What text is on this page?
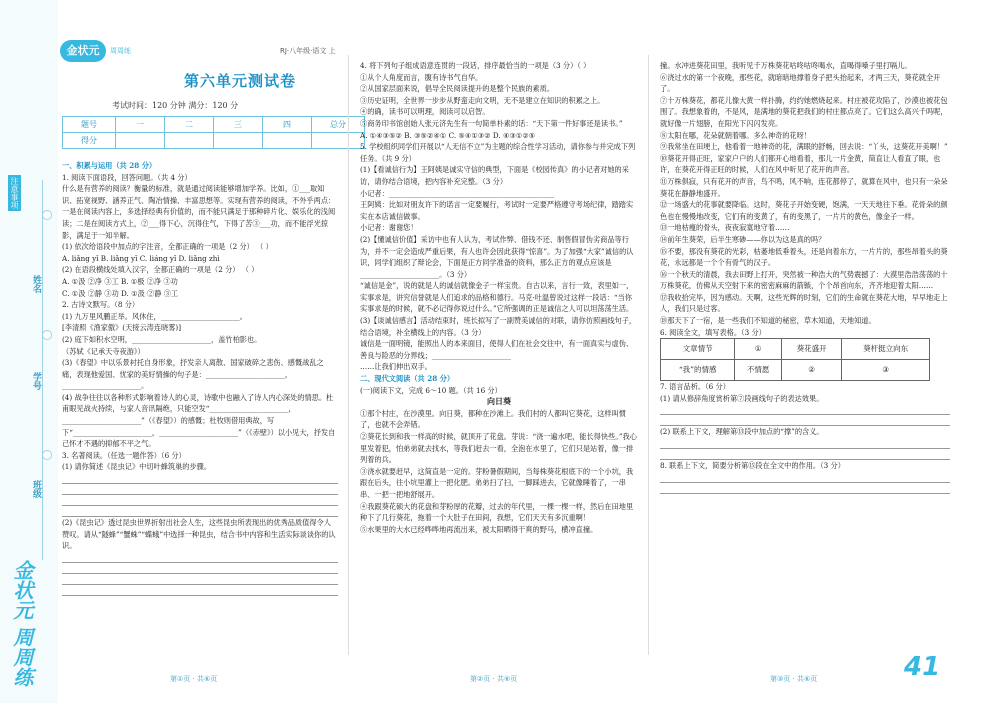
注意事项
姓名
学号
班级
金状元 周周练
金状元	周周练	RJ·八年级·语文 上
第六单元测试卷
考试时间：120 分钟 满分：120 分
题号	一	二	三	四	总分
得分					

一、积累与运用（共 28 分）

1. 阅读下面语段，回答问题。（共 4 分）

什么是有营养的阅读？衡量的标准，就是通过阅读能够增加学养。比如，①___取知识、拓宽视野、涵养正气、陶冶情操、丰富思想等。实现有营养的阅读，不外乎两点：一是在阅读内容上，多选择经典有价值的，而不能只满足于那种碎片化、娱乐化的浅阅读；二是在阅读方式上，②___得下心，沉得住气，下得了苦③___功，而不能浮光掠影，满足于一知半解。

(1) 依次给语段中加点的字注音，全都正确的一项是（2 分） （ ）

A. liǎng yǐ B. liǎng yǐ C. liáng yǐ D. liǎng zhì

(2) 在语段横线处填入汉字，全都正确的一项是（2 分） （ ）

A. ①汲 ②净 ③工 B. ①极 ②净 ③功

C. ①汲 ②静 ③功 D. ①汲 ②静 ③工

2. 古诗文默写。（8 分）

(1) 九万里风鹏正举。风休住，______________________。

[李清照《渔家傲》(天接云涛连晓雾)]

(2) 庭下如积水空明，______________________，盖竹柏影也。

（苏轼《记承天寺夜游》）

(3)《春望》中以乐景衬托自身形象，抒发亲人离散、国家破碎之悲伤、感慨战乱之痛，表现他爱国、忧家的美好情操的句子是：______________________，______________________。

(4) 战争往往以各种形式影响着诗人的心灵，诗歌中也融入了诗人内心深处的情思。杜甫眼见战火持续，与家人音讯隔绝，只能空发“______________________，______________________”（《春望》）的感慨；杜牧则借用典故，写下“______________________，______________________”（《赤壁》）以小见大，抒发自己怀才不遇的抑郁不平之气。

3. 名著阅读。（任选一题作答）（6 分）

(1) 请你简述《昆虫记》中切叶蜂筑巢的步骤。

(2)《昆虫记》透过昆虫世界折射出社会人生，这些昆虫所表现出的优秀品质值得令人赞叹。请从“隧蜂”“蟹蛛”“蝶蛾”中选择一种昆虫，结合书中内容和生活实际谈谈你的认识。

4. 将下列句子组成语意连贯的一段话，排序最恰当的一项是（3 分）（ ）

①从个人角度而言，腹有诗书气自华。

②从国家层面来说，倡导全民阅读提升的是整个民族的素质。

③历史证明，全世界一步步从野蛮走向文明，无不是建立在知识的积累之上。

④的确，读书可以明理，阅读可以启智。

⑤商务印书馆创始人张元济先生有一句简单朴素的话：“天下第一件好事还是读书。”

A. ①④③⑤② B. ③⑤②④① C. ⑤④①③② D. ④③①②⑤

5. 学校组织同学们开展以“人无信不立”为主题的综合性学习活动，请你参与并完成下列任务。（共 9 分）

(1)【看诚信行为】王阿姨是诚实守信的典型，下面是《校园传真》的小记者对她的采访，请你结合语境，把内容补充完整。（3 分）

小记者：______________________________________________

王阿姨：比如对朋友许下的诺言一定要履行，考试时一定要严格遵守考场纪律，踏踏实实在本店诚信做事。

小记者：谢谢您！

(2)【懂诚信价值】采访中也有人认为，考试作弊、借钱不还、制售假冒伪劣商品等行为，并不一定会造成严重后果，有人也许会因此获得“惊喜”。为了加强“大家”诚信的认识，同学们组织了辩论会，下面是正方同学准备的资料，那么正方的观点应该是______________________。（3 分）

“诚信是金”，说的就是人的诚信就像金子一样宝贵。自古以来，言行一致，表里如一，实事求是，讲究信誉就是人们追求的品格和德行。马克·吐温曾说过这样一段话：“当你实事求是的时候，就不必记得你说过什么。”它所强调的正是诚信之人可以坦荡荡生活。

(3)【谈诚信感言】活动结束时，班长拟写了一副赞美诚信的对联，请你仿照画线句子，结合语境，补全横线上的内容。（3 分）

诚信是一面明镜，能照出人的本来面目，使得人们在社会交往中，有一面真实与虚伪、善良与险恶的分界线；______________________

……让我们伸出双手。

二、现代文阅读（共 28 分）

(一)阅读下文，完成 6～10 题。（共 16 分）

向日葵

①那个村庄，在沙漠里。向日葵，都种在沙滩上。我们村的人都叫它葵花，这样叫惯了，也就不会弄错。

②葵花长到和我一样高的时候，就顶开了花盘。芽说：“浇一遍水吧，能长得快些。”我心里发着犯，怕弟弟就去找水，等我们赶去一看，全泡在水里了，它们只是站着，像一排列着的兵。

③浇水就要赶早，这简直是一定的。芽粉暑假期间，当每株葵花根底下的一个小坑，我跟在后头，往小坑里灌上一把化肥。弟弟扫了扫，一脚踩进去，它就像睡着了，一串串、一把一把地舒展开。

④我跟葵花硕大的花盘和芽粉厚的花瓣，过去的年代里，一棵一棵一样，然后在田地里种下了几行葵花，拖着一个大肚子在田间，我想，它们天天有多沉重啊！

⑤水果里的大水已经哗哗地再流出来，被太阳晒得干爽的野马，横冲直撞。

撞。水冲进葵花田里，我听见千万株葵花咕咚咕咚喝水，直喝得嗓子里打嗝儿。

⑥浇过水的第一个夜晚，那些花，就暗暗地撑着身子把头抬起来，才两三天，葵花就全开了。

⑦十万株葵花，都花儿像大黄一样扑腾，约约她燃烧起来。村庄被花攻陷了，沙漠也被花包围了。我想象着的，不是风，是满地的葵花把我们的村庄都点亮了。它们这么高兴千吗呢，就好像一片翅膀，在阳光下闪闪发亮。

⑧太阳在哪，花朵就朝着哪。多么神奇的花呀！

⑨我常坐在田埂上，他看着一地神奇的花，满眼的舒畅，回去说：“丫头，这葵花开美啊！”

⑩葵花开得正旺，家家户户的人们都开心地看着，那儿一片金黄，简直让人看直了眼，也许，在葵花开得正旺的时候，人们在风中听见了花开的声音。

⑪万株俱寂，只有花开的声音，鸟不鸣，风不响，连花都停了，就算在风中，也只有一朵朵葵花在静静地盛开。

⑫一场盛大的花事就要降临。这时，葵花子开始变硬，饱满，一天天地往下垂。花骨朵的颜色也在慢慢地改变，它们有的变黄了，有的变黑了，一片片的黄色，像金子一样。

⑬一地枯瘦的骨头，夜夜寂寞地守着……

⑭前年生葵荣，后半生寒碜——你以为这是真的吗？

⑮不要，那没有葵花的光彩，枯萎地低垂着头，还是向着东方，一片片的，那些昂着头的葵花，永远都是一个个有骨气的汉子。

⑯一个秋天的清晨，我去田野上打开，突然被一种浩大的气势震撼了：大漠里浩浩荡荡的十万株葵花，仿佛从天空射下来的密密麻麻的箭镞，个个昂首向东，齐齐地迎着太阳……

⑰我收拾完毕，因为感动。天啊，这些光辉的时刻，它们的生命就在葵花大地，早早地走上人，我们只是过客。

⑱那天下了一宿，是一些我们不知道的秘密，草木知道，天地知道。

6. 阅读全文，填写表格。（3 分）

文章情节	①	葵花盛开	葵杆挺立向东
“我”的情感	不情愿	②	③

7. 语言品析。（6 分）

(1) 请从修辞角度赏析第⑦段画线句子的表达效果。

(2) 联系上下文，理解第⑬段中加点的“撑”的含义。

8. 联系上下文，简要分析第⑮段在全文中的作用。（3 分）

第①页 · 共⑥页	第②页 · 共⑥页	第③页 · 共⑥页	41
